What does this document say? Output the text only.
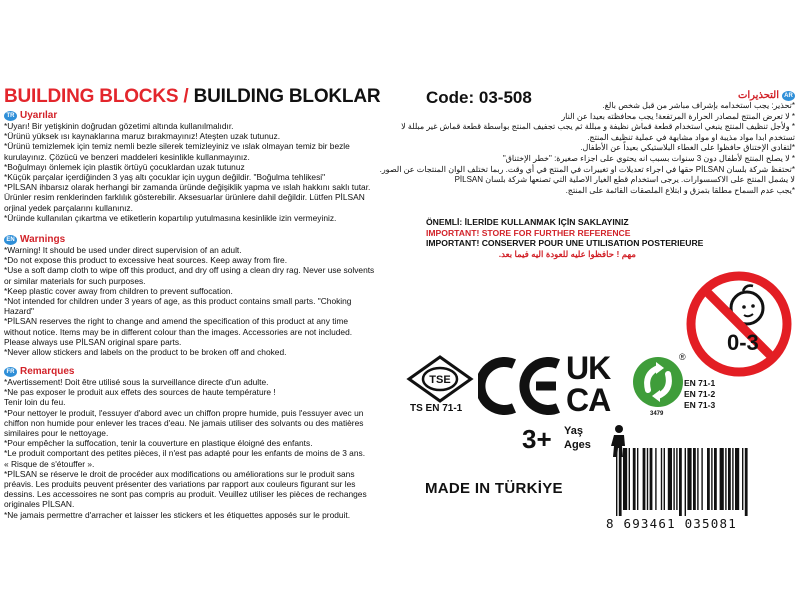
BUILDING BLOCKS / BUILDING BLOKLAR	Code: 03-508
TR Uyarılar
*Uyarı! Bir yetişkinin doğrudan gözetimi altında kullanılmalıdır.
*Ürünü yüksek ısı kaynaklarına maruz bırakmayınız! Ateşten uzak tutunuz.
*Ürünü temizlemek için temiz nemli bezle silerek temizleyiniz ve ıslak olmayan temiz bir bezle
kurulayınız. Çözücü ve benzeri maddeleri kesinlikle kullanmayınız.
*Boğulmayı önlemek için plastik örtüyü çocuklardan uzak tutunuz
*Küçük parçalar içerdiğinden 3 yaş altı çocuklar için uygun değildir. "Boğulma tehlikesi"
*PİLSAN ihbarsız olarak herhangi bir zamanda üründe değişiklik yapma ve ıslah hakkını saklı tutar.
Ürünler resim renklerinden farklılık gösterebilir. Aksesuarlar ürünlere dahil değildir. Lütfen PİLSAN
orjinal yedek parçalarını kullanınız.
*Üründe kullanılan çıkartma ve etiketlerin kopartılıp yutulmasına kesinlikle izin vermeyiniz.
EN Warnings
*Warning! It should be used under direct supervision of an adult.
*Do not expose this product to excessive heat sources. Keep away from fire.
*Use a soft damp cloth to wipe off this product, and dry off using a clean dry rag. Never use solvents
or similar materials for such purposes.
*Keep plastic cover away from children to prevent suffocation.
*Not intended for children under 3 years of age, as this product contains small parts. "Choking
Hazard"
*PİLSAN reserves the right to change and amend the specification of this product at any time
without notice. Items may be in different colour than the images. Accessories are not included.
Please always use PİLSAN original spare parts.
*Never allow stickers and labels on the product to be broken off and choked.
FR Remarques
*Avertissement! Doit être utilisé sous la surveillance directe d'un adulte.
*Ne pas exposer le produit aux effets des sources de haute température !
Tenir loin du feu.
*Pour nettoyer le produit, l'essuyer d'abord avec un chiffon propre humide, puis l'essuyer avec un
chiffon non humide pour enlever les traces d'eau. Ne jamais utiliser des solvants ou des matières
similaires pour le nettoyage.
*Pour empêcher la suffocation, tenir la couverture en plastique éloigné des enfants.
*Le produit comportant des petites pièces, il n'est pas adapté pour les enfants de moins de 3 ans.
« Risque de s'étouffer ».
*PİLSAN se réserve le droit de procéder aux modifications ou améliorations sur le produit sans
préavis. Les produits peuvent présenter des variations par rapport aux couleurs figurant sur les
dessins. Les accessoires ne sont pas compris au produit. Veuillez utiliser les pièces de rechanges
originales PİLSAN.
*Ne jamais permettre d'arracher et laisser les stickers et les étiquettes apposés sur le produit.
AR
التحذيرات
*تحذير: يجب استخدامه بإشراف مباشر من قبل شخص بالغ.
* لا تعرض المنتج لمصادر الحرارة المرتفعة! يجب محافظته بعيدا عن النار
* ولأجل تنظيف المنتج ينبغي استخدام قطعة قماش نظيفة و مبللة ثم يجب تجفيف المنتج بواسطة قطعة قماش غير مبللة لا
تستخدم ابدا مواد مذيبة او مواد مشابهة في عملية تنظيف المنتج.
*لتفادي الإختناق حافظوا على الغطاء البلاستيكي بعيداً عن الأطفال.
* لا يصلح المنتج لأطفال دون 3 سنوات بسبب انه يحتوي على اجزاء صغيرة: "خطر الإختناق"
*تحتفظ شركة بلسان PİLSAN حقها في اجراء تعديلات او تغييرات في المنتج في أي وقت. ربما تختلف الوان المنتجات عن الصور.
لا يشمل المنتج على الاكسسوارات. يرجى استخدام قطع الغيار الاصلية التي تصنعها شركة بلسان PİLSAN
*يجب عدم السماح مطلقا بتمزق و ابتلاع الملصقات القائمة على المنتج.
ÖNEMLİ: İLERİDE KULLANMAK İÇİN SAKLAYINIZ
IMPORTANT! STORE FOR FURTHER REFERENCE
IMPORTANT! CONSERVER POUR UNE UTILISATION POSTERIEURE
مهم ! حافظوا عليه للعودة اليه فيما بعد.
0-3
TSE
TS EN 71-1
UK
CA
®
3479
EN 71-1
EN 71-2
EN 71-3
3+ Yaş
Ages
MADE IN TÜRKİYE
8 693461 035081
